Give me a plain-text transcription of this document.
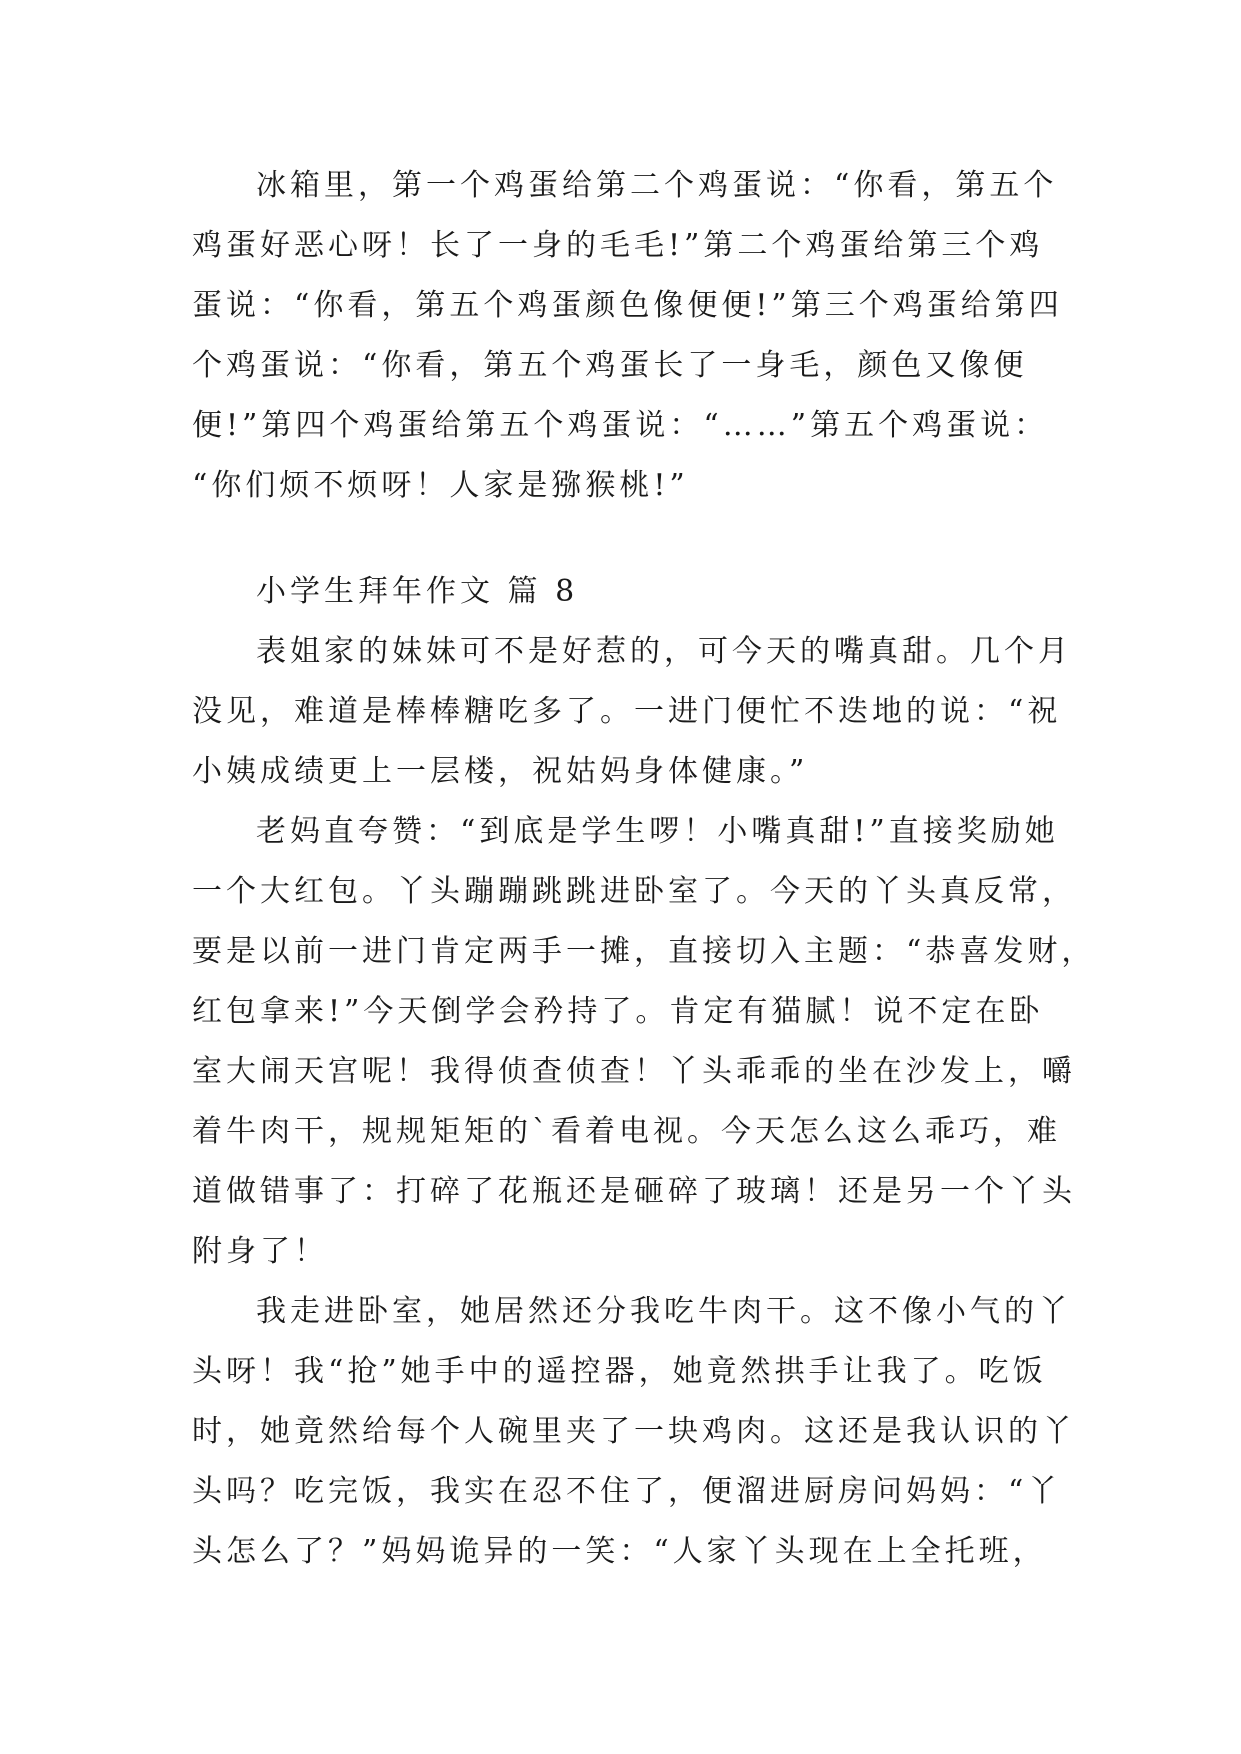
冰箱里，第一个鸡蛋给第二个鸡蛋说：“你看，第五个

鸡蛋好恶心呀！长了一身的毛毛!”第二个鸡蛋给第三个鸡

蛋说：“你看，第五个鸡蛋颜色像便便!”第三个鸡蛋给第四

个鸡蛋说：“你看，第五个鸡蛋长了一身毛，颜色又像便

便!”第四个鸡蛋给第五个鸡蛋说：“……”第五个鸡蛋说：

“你们烦不烦呀！人家是猕猴桃!”

小学生拜年作文 篇 8

表姐家的妹妹可不是好惹的，可今天的嘴真甜。几个月

没见，难道是棒棒糖吃多了。一进门便忙不迭地的说：“祝

小姨成绩更上一层楼，祝姑妈身体健康。”

老妈直夸赞：“到底是学生啰！小嘴真甜!”直接奖励她

一个大红包。丫头蹦蹦跳跳进卧室了。今天的丫头真反常，

要是以前一进门肯定两手一摊，直接切入主题：“恭喜发财，

红包拿来!”今天倒学会矜持了。肯定有猫腻！说不定在卧

室大闹天宫呢！我得侦查侦查！丫头乖乖的坐在沙发上，嚼

着牛肉干，规规矩矩的`看着电视。今天怎么这么乖巧，难

道做错事了：打碎了花瓶还是砸碎了玻璃！还是另一个丫头

附身了！

我走进卧室，她居然还分我吃牛肉干。这不像小气的丫

头呀！我“抢”她手中的遥控器，她竟然拱手让我了。吃饭

时，她竟然给每个人碗里夹了一块鸡肉。这还是我认识的丫

头吗？吃完饭，我实在忍不住了，便溜进厨房问妈妈：“丫

头怎么了？”妈妈诡异的一笑：“人家丫头现在上全托班，
